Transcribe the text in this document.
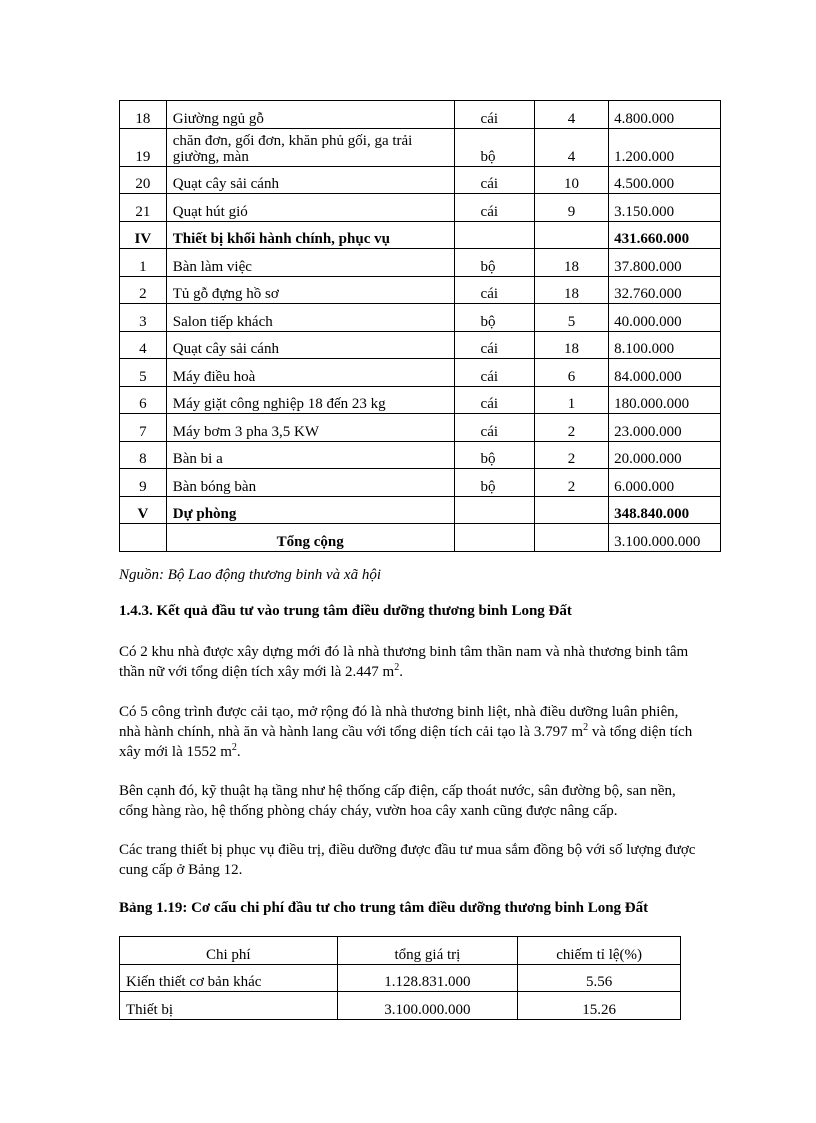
18	Giường ngủ gỗ	cái	4	4.800.000
19	chăn đơn, gối đơn, khăn phủ gối, ga trải giường, màn	bộ	4	1.200.000
20	Quạt cây sải cánh	cái	10	4.500.000
21	Quạt hút gió	cái	9	3.150.000
IV	Thiết bị khối hành chính, phục vụ			431.660.000
1	Bàn làm việc	bộ	18	37.800.000
2	Tủ gỗ đựng hồ sơ	cái	18	32.760.000
3	Salon tiếp khách	bộ	5	40.000.000
4	Quạt cây sải cánh	cái	18	8.100.000
5	Máy điều hoà	cái	6	84.000.000
6	Máy giặt công nghiệp 18 đến 23 kg	cái	1	180.000.000
7	Máy bơm 3 pha 3,5 KW	cái	2	23.000.000
8	Bàn bi a	bộ	2	20.000.000
9	Bàn bóng bàn	bộ	2	6.000.000
V	Dự phòng			348.840.000
	Tổng cộng			3.100.000.000
Nguồn: Bộ Lao động thương binh và xã hội
1.4.3. Kết quả đầu tư vào trung tâm điều dưỡng thương binh Long Đất
Có 2 khu nhà được xây dựng mới đó là nhà thương binh tâm thần nam và nhà thương binh tâm thần nữ với tổng diện tích xây mới là 2.447 $m^2$.
Có 5 công trình được cải tạo, mở rộng đó là nhà thương binh liệt, nhà điều dưỡng luân phiên, nhà hành chính, nhà ăn và hành lang cầu với tổng diện tích cải tạo là 3.797 $m^2$ và tổng diện tích xây mới là 1552 $m^2$.
Bên cạnh đó, kỹ thuật hạ tầng như hệ thống cấp điện, cấp thoát nước, sân đường bộ, san nền, cổng hàng rào, hệ thống phòng cháy cháy, vườn hoa cây xanh cũng được nâng cấp.
Các trang thiết bị phục vụ điều trị, điều dưỡng được đầu tư mua sắm đồng bộ với số lượng được cung cấp ở Bảng 12.
Bảng 1.19: Cơ cấu chi phí đầu tư cho trung tâm điều dưỡng thương binh Long Đất
Chi phí	tổng giá trị	chiếm tỉ lệ(%)
Kiến thiết cơ bản khác	1.128.831.000	5.56
Thiết bị	3.100.000.000	15.26
